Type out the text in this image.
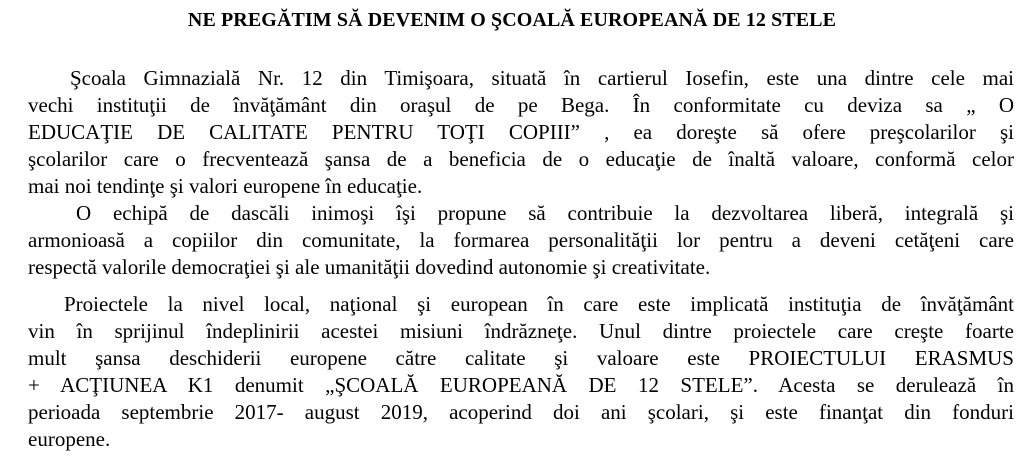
NE PREGĂTIM SĂ DEVENIM O ŞCOALĂ EUROPEANĂ DE 12 STELE
Şcoala Gimnazială Nr. 12 din Timişoara, situată în cartierul Iosefin, este una dintre cele mai
vechi instituţii de învăţământ din oraşul de pe Bega. În conformitate cu deviza sa „ O
EDUCAŢIE DE CALITATE PENTRU TOŢI COPIII” , ea doreşte să ofere preşcolarilor şi
şcolarilor care o frecventează şansa de a beneficia de o educaţie de înaltă valoare, conformă celor
mai noi tendinţe şi valori europene în educaţie.
O echipă de dascăli inimoşi îşi propune să contribuie la dezvoltarea liberă, integrală şi
armonioasă a copiilor din comunitate, la formarea personalităţii lor pentru a deveni cetăţeni care
respectă valorile democraţiei şi ale umanităţii dovedind autonomie şi creativitate.
Proiectele la nivel local, naţional şi european în care este implicată instituţia de învăţământ
vin în sprijinul îndeplinirii acestei misiuni îndrăzneţe. Unul dintre proiectele care creşte foarte
mult şansa deschiderii europene către calitate şi valoare este PROIECTULUI ERASMUS
+ ACŢIUNEA K1 denumit „ŞCOALĂ EUROPEANĂ DE 12 STELE”. Acesta se derulează în
perioada septembrie 2017- august 2019, acoperind doi ani şcolari, şi este finanţat din fonduri
europene.
